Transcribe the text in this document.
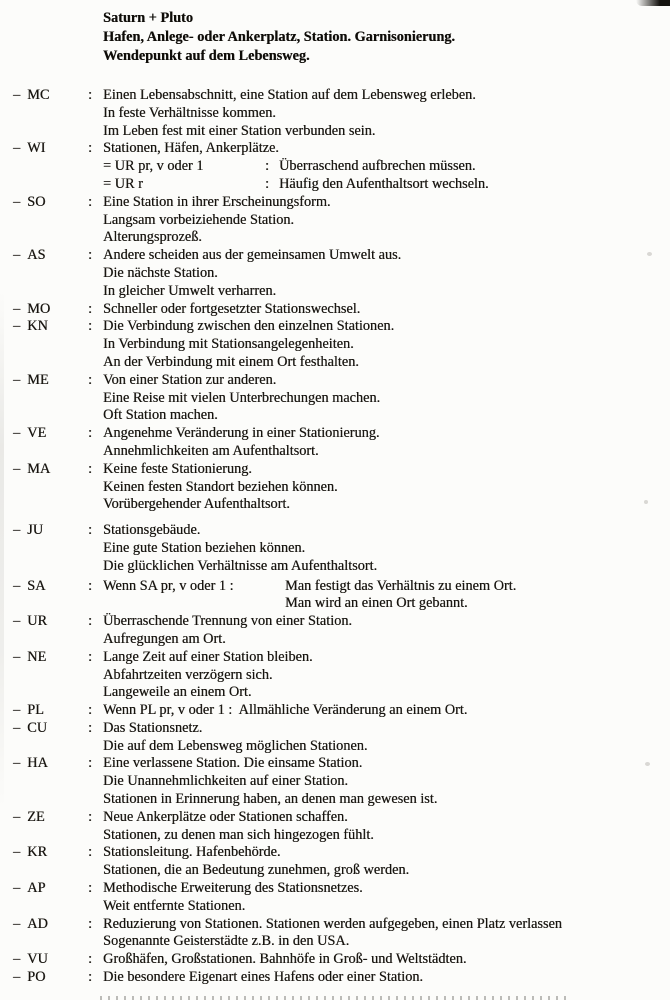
Saturn + Pluto
Hafen, Anlege- oder Ankerplatz, Station. Garnisonierung.
Wendepunkt auf dem Lebensweg.
– MC	: Einen Lebensabschnitt, eine Station auf dem Lebensweg erleben.
In feste Verhältnisse kommen.
Im Leben fest mit einer Station verbunden sein.
– WI	: Stationen, Häfen, Ankerplätze.
= UR pr, v oder 1	: Überraschend aufbrechen müssen.
= UR r	: Häufig den Aufenthaltsort wechseln.
– SO	: Eine Station in ihrer Erscheinungsform.
Langsam vorbeiziehende Station.
Alterungsprozeß.
– AS	: Andere scheiden aus der gemeinsamen Umwelt aus.
Die nächste Station.
In gleicher Umwelt verharren.
– MO	: Schneller oder fortgesetzter Stationswechsel.
– KN	: Die Verbindung zwischen den einzelnen Stationen.
In Verbindung mit Stationsangelegenheiten.
An der Verbindung mit einem Ort festhalten.
– ME	: Von einer Station zur anderen.
Eine Reise mit vielen Unterbrechungen machen.
Oft Station machen.
– VE	: Angenehme Veränderung in einer Stationierung.
Annehmlichkeiten am Aufenthaltsort.
– MA	: Keine feste Stationierung.
Keinen festen Standort beziehen können.
Vorübergehender Aufenthaltsort.
– JU	: Stationsgebäude.
Eine gute Station beziehen können.
Die glücklichen Verhältnisse am Aufenthaltsort.
– SA	: Wenn SA pr, v oder 1 :	Man festigt das Verhältnis zu einem Ort.
Man wird an einen Ort gebannt.
– UR	: Überraschende Trennung von einer Station.
Aufregungen am Ort.
– NE	: Lange Zeit auf einer Station bleiben.
Abfahrtzeiten verzögern sich.
Langeweile an einem Ort.
– PL	: Wenn PL pr, v oder 1 :  Allmähliche Veränderung an einem Ort.
– CU	: Das Stationsnetz.
Die auf dem Lebensweg möglichen Stationen.
– HA	: Eine verlassene Station. Die einsame Station.
Die Unannehmlichkeiten auf einer Station.
Stationen in Erinnerung haben, an denen man gewesen ist.
– ZE	: Neue Ankerplätze oder Stationen schaffen.
Stationen, zu denen man sich hingezogen fühlt.
– KR	: Stationsleitung. Hafenbehörde.
Stationen, die an Bedeutung zunehmen, groß werden.
– AP	: Methodische Erweiterung des Stationsnetzes.
Weit entfernte Stationen.
– AD	: Reduzierung von Stationen. Stationen werden aufgegeben, einen Platz verlassen
Sogenannte Geisterstädte z.B. in den USA.
– VU	: Großhäfen, Großstationen. Bahnhöfe in Groß- und Weltstädten.
– PO	: Die besondere Eigenart eines Hafens oder einer Station.
